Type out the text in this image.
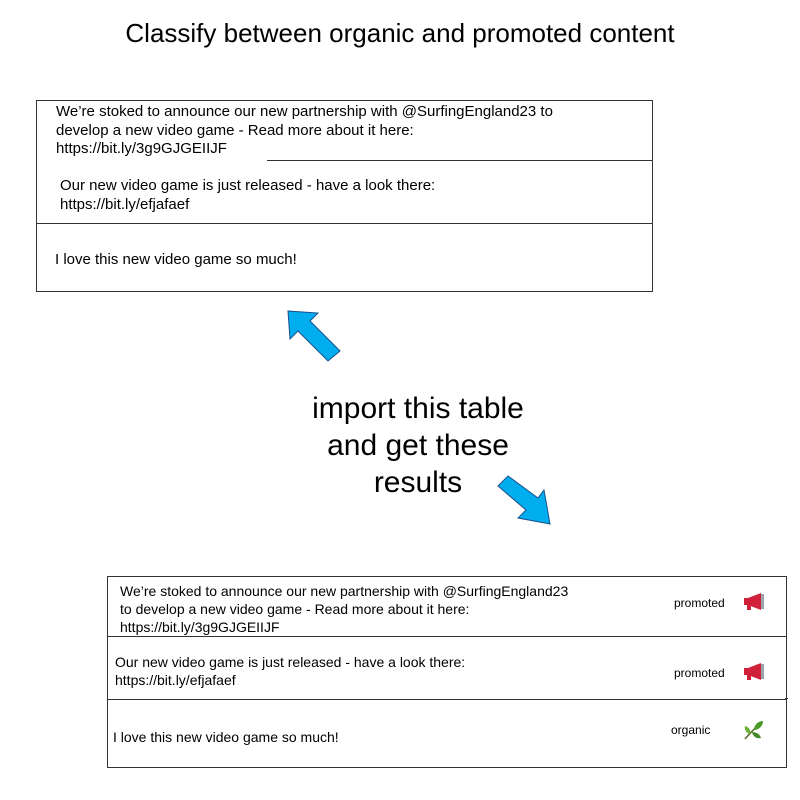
Classify between organic and promoted content
We’re stoked to announce our new partnership with @SurfingEngland23 to
develop a new video game - Read more about it here:
https://bit.ly/3g9GJGEIIJF
Our new video game is just released - have a look there:
https://bit.ly/efjafaef
I love this new video game so much!
import this table
and get these
results
We’re stoked to announce our new partnership with @SurfingEngland23
to develop a new video game - Read more about it here:
https://bit.ly/3g9GJGEIIJF
promoted
Our new video game is just released - have a look there:
https://bit.ly/efjafaef	promoted
I love this new video game so much!	organic
